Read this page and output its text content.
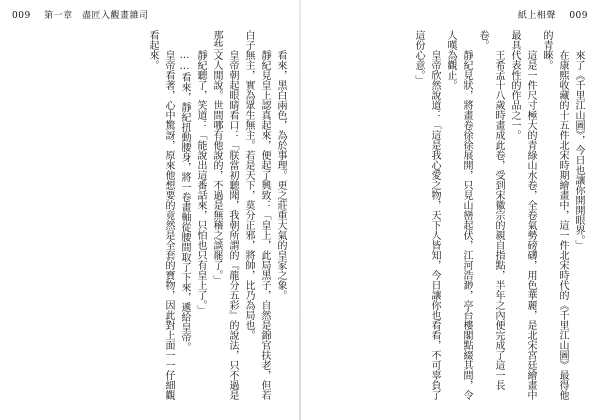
009 第一章 盡匠入觀畫雜司

看來，黑白兩色，為於事理。更之莊重大氣的皇家之象。

靜紀見皇上認真起來，便起了興致：「皇上，此局黑子，自然是錦官扶老，但若白子無主，實為眾生無主。若是天下，莫分正邪，將帥，比乃為局也。

皇帝朝起眼睛看口：「朕當初聽聞，我朝所謂的『龍分五彩』的說法，只不過是那些文人閒說。世間哪有他說的，不過是無稽之談罷了。」

靜紀聽了，笑道：「能說出這番話來，只怕也只有皇上了。」

……看來，靜紀扭動腰身，將一卷畫軸從腰間取了下來，遞給皇帝。

皇帝看著，心中驚訝，原來他想要的竟然是全套的寶物，因此對上面一一仔細觀看起來。

紙上相聲 009

來了《千里江山圖》，今日也讓你開開眼界。」

在康熙收藏的十五件北宋時期繪畫中，這一件北宋時代的《千里江山圖》最得他的青睞。

這是一件尺寸極大的青綠山水卷，全卷氣勢磅礴，用色華麗，是北宋宮廷繪畫中最具代表性的作品之一。

王希孟十八歲時畫成此卷，受到宋徽宗的親自指點，半年之內便完成了這一長卷。

靜紀見狀，將畫卷徐徐展開，只見山巒起伏，江河浩渺，亭台樓閣點綴其間，令人嘆為觀止。

皇帝欣然說道：「這是我心愛之物，天下人皆知，今日讓你也看看，不可辜負了這份心意。」
